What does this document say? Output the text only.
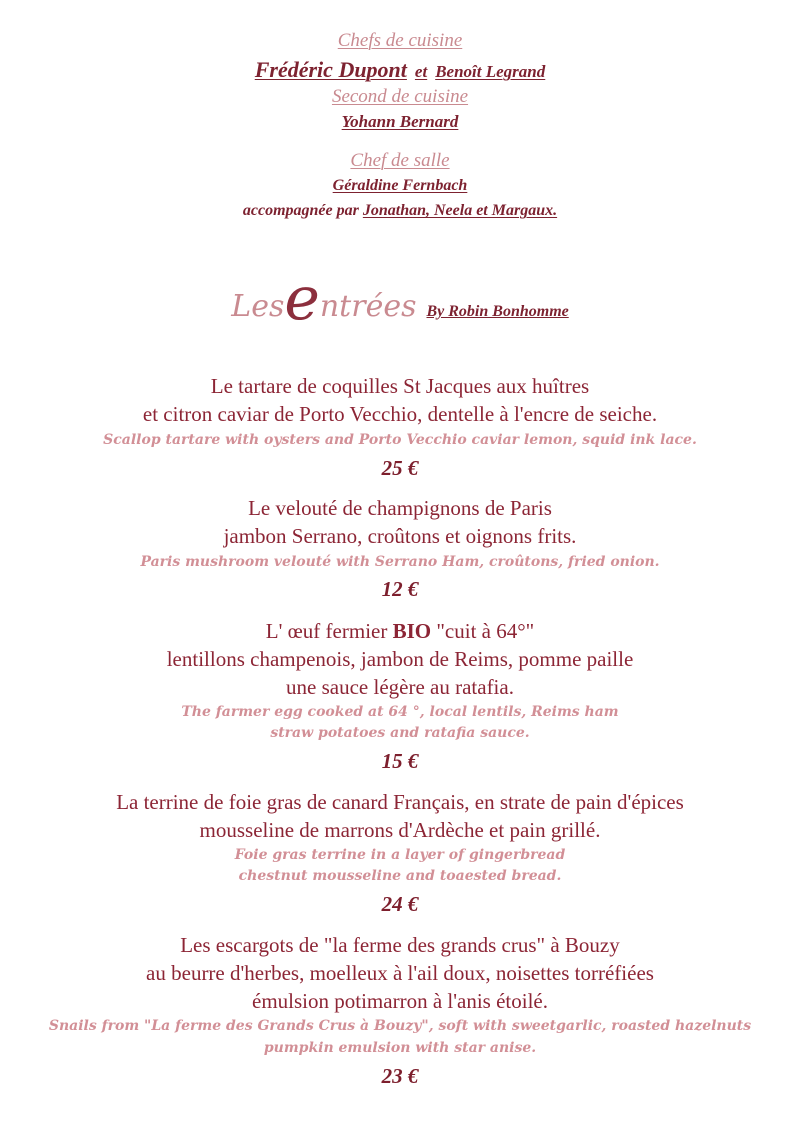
Chefs de cuisine
Frédéric Dupont et Benoît Legrand
Second de cuisine
Yohann Bernard
Chef de salle
Géraldine Fernbach
accompagnée par Jonathan, Neela et Margaux.
Lesentrées By Robin Bonhomme
Le tartare de coquilles St Jacques aux huîtres
et citron caviar de Porto Vecchio, dentelle à l'encre de seiche.
Scallop tartare with oysters and Porto Vecchio caviar lemon, squid ink lace.
25 €
Le velouté de champignons de Paris
jambon Serrano, croûtons et oignons frits.
Paris mushroom velouté with Serrano Ham, croûtons, fried onion.
12 €
L' œuf fermier BIO "cuit à 64°"
lentillons champenois, jambon de Reims, pomme paille
une sauce légère au ratafia.
The farmer egg cooked at 64 °, local lentils, Reims ham
straw potatoes and ratafia sauce.
15 €
La terrine de foie gras de canard Français, en strate de pain d'épices
mousseline de marrons d'Ardèche et pain grillé.
Foie gras terrine in a layer of gingerbread
chestnut mousseline and toaested bread.
24 €
Les escargots de "la ferme des grands crus" à Bouzy
au beurre d'herbes, moelleux à l'ail doux, noisettes torréfiées
émulsion potimarron à l'anis étoilé.
Snails from "La ferme des Grands Crus à Bouzy", soft with sweetgarlic, roasted hazelnuts
pumpkin emulsion with star anise.
23 €
